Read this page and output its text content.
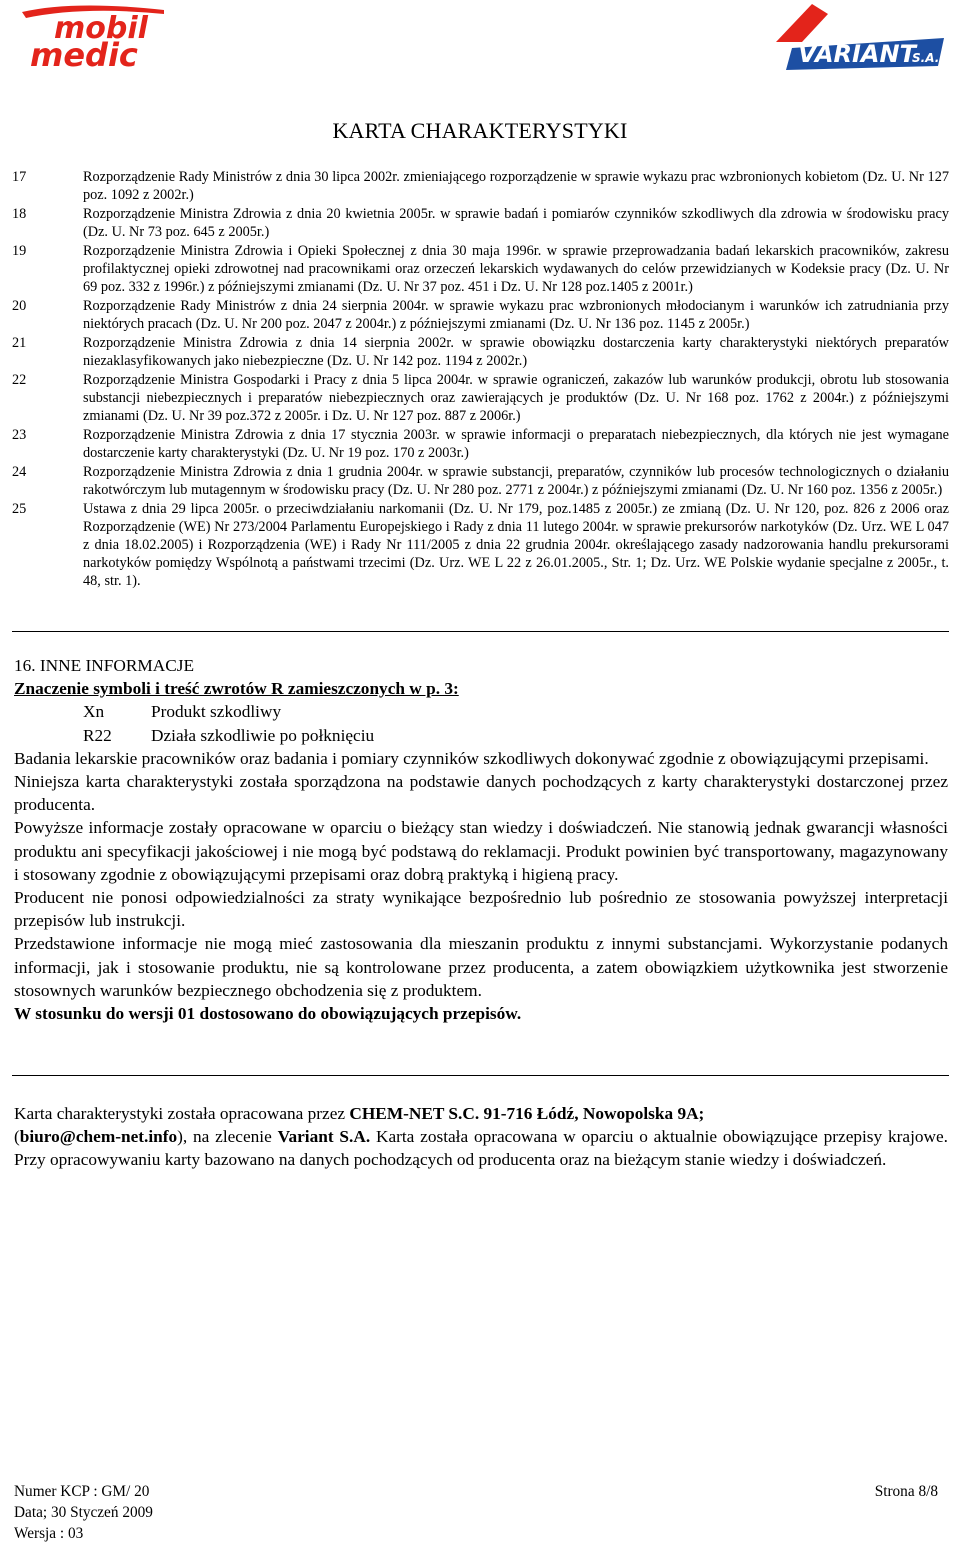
mobil
medic	VARIANT
S.A.
KARTA CHARAKTERYSTYKI
17	Rozporządzenie Rady Ministrów z dnia 30 lipca 2002r. zmieniającego rozporządzenie w sprawie wykazu prac wzbronionych kobietom (Dz. U. Nr 127 poz. 1092 z 2002r.)
18	Rozporządzenie Ministra Zdrowia z dnia 20 kwietnia 2005r. w sprawie badań i pomiarów czynników szkodliwych dla zdrowia w środowisku pracy (Dz. U. Nr 73 poz. 645 z 2005r.)
19	Rozporządzenie Ministra Zdrowia i Opieki Społecznej z dnia 30 maja 1996r. w sprawie przeprowadzania badań lekarskich pracowników, zakresu profilaktycznej opieki zdrowotnej nad pracownikami oraz orzeczeń lekarskich wydawanych do celów przewidzianych w Kodeksie pracy (Dz. U. Nr 69 poz. 332 z 1996r.) z późniejszymi zmianami (Dz. U. Nr 37 poz. 451 i Dz. U. Nr 128 poz.1405 z 2001r.)
20	Rozporządzenie Rady Ministrów z dnia 24 sierpnia 2004r. w sprawie wykazu prac wzbronionych młodocianym i warunków ich zatrudniania przy niektórych pracach (Dz. U. Nr 200 poz. 2047 z 2004r.) z późniejszymi zmianami (Dz. U. Nr 136 poz. 1145 z 2005r.)
21	Rozporządzenie Ministra Zdrowia z dnia 14 sierpnia 2002r. w sprawie obowiązku dostarczenia karty charakterystyki niektórych preparatów niezaklasyfikowanych jako niebezpieczne (Dz. U. Nr 142 poz. 1194 z 2002r.)
22	Rozporządzenie Ministra Gospodarki i Pracy z dnia 5 lipca 2004r. w sprawie ograniczeń, zakazów lub warunków produkcji, obrotu lub stosowania substancji niebezpiecznych i preparatów niebezpiecznych oraz zawierających je produktów (Dz. U. Nr 168 poz. 1762 z 2004r.) z późniejszymi zmianami (Dz. U. Nr 39 poz.372 z 2005r. i Dz. U. Nr 127 poz. 887 z 2006r.)
23	Rozporządzenie Ministra Zdrowia z dnia 17 stycznia 2003r. w sprawie informacji o preparatach niebezpiecznych, dla których nie jest wymagane dostarczenie karty charakterystyki (Dz. U. Nr 19 poz. 170 z 2003r.)
24	Rozporządzenie Ministra Zdrowia z dnia 1 grudnia 2004r. w sprawie substancji, preparatów, czynników lub procesów technologicznych o działaniu rakotwórczym lub mutagennym w środowisku pracy (Dz. U. Nr 280 poz. 2771 z 2004r.) z późniejszymi zmianami (Dz. U. Nr 160 poz. 1356 z 2005r.)
25	Ustawa z dnia 29 lipca 2005r. o przeciwdziałaniu narkomanii (Dz. U. Nr 179, poz.1485 z 2005r.) ze zmianą (Dz. U. Nr 120, poz. 826 z 2006 oraz Rozporządzenie (WE) Nr 273/2004 Parlamentu Europejskiego i Rady z dnia 11 lutego 2004r. w sprawie prekursorów narkotyków (Dz. Urz. WE L 047 z dnia 18.02.2005) i Rozporządzenia (WE) i Rady Nr 111/2005 z dnia 22 grudnia 2004r. określającego zasady nadzorowania handlu prekursorami narkotyków pomiędzy Wspólnotą a państwami trzecimi (Dz. Urz. WE L 22 z 26.01.2005., Str. 1; Dz. Urz. WE Polskie wydanie specjalne z 2005r., t. 48, str. 1).

16. INNE INFORMACJE

Znaczenie symboli i treść zwrotów R zamieszczonych w p. 3:

Xn	Produkt szkodliwy
R22	Działa szkodliwie po połknięciu

Badania lekarskie pracowników oraz badania i pomiary czynników szkodliwych dokonywać zgodnie z obowiązującymi przepisami.

Niniejsza karta charakterystyki została sporządzona na podstawie danych pochodzących z karty charakterystyki dostarczonej przez producenta.

Powyższe informacje zostały opracowane w oparciu o bieżący stan wiedzy i doświadczeń. Nie stanowią jednak gwarancji własności produktu ani specyfikacji jakościowej i nie mogą być podstawą do reklamacji. Produkt powinien być transportowany, magazynowany i stosowany zgodnie z obowiązującymi przepisami oraz dobrą praktyką i higieną pracy.

Producent nie ponosi odpowiedzialności za straty wynikające bezpośrednio lub pośrednio ze stosowania powyższej interpretacji przepisów lub instrukcji.

Przedstawione informacje nie mogą mieć zastosowania dla mieszanin produktu z innymi substancjami. Wykorzystanie podanych informacji, jak i stosowanie produktu, nie są kontrolowane przez producenta, a zatem obowiązkiem użytkownika jest stworzenie stosownych warunków bezpiecznego obchodzenia się z produktem.

W stosunku do wersji 01 dostosowano do obowiązujących przepisów.

Karta charakterystyki została opracowana przez CHEM-NET S.C. 91-716 Łódź, Nowopolska 9A;
(biuro@chem-net.info), na zlecenie Variant S.A. Karta została opracowana w oparciu o aktualnie obowiązujące przepisy krajowe. Przy opracowywaniu karty bazowano na danych pochodzących od producenta oraz na bieżącym stanie wiedzy i doświadczeń.
Numer KCP : GM/ 20
Data; 30 Styczeń 2009
Wersja : 03
Strona 8/8
